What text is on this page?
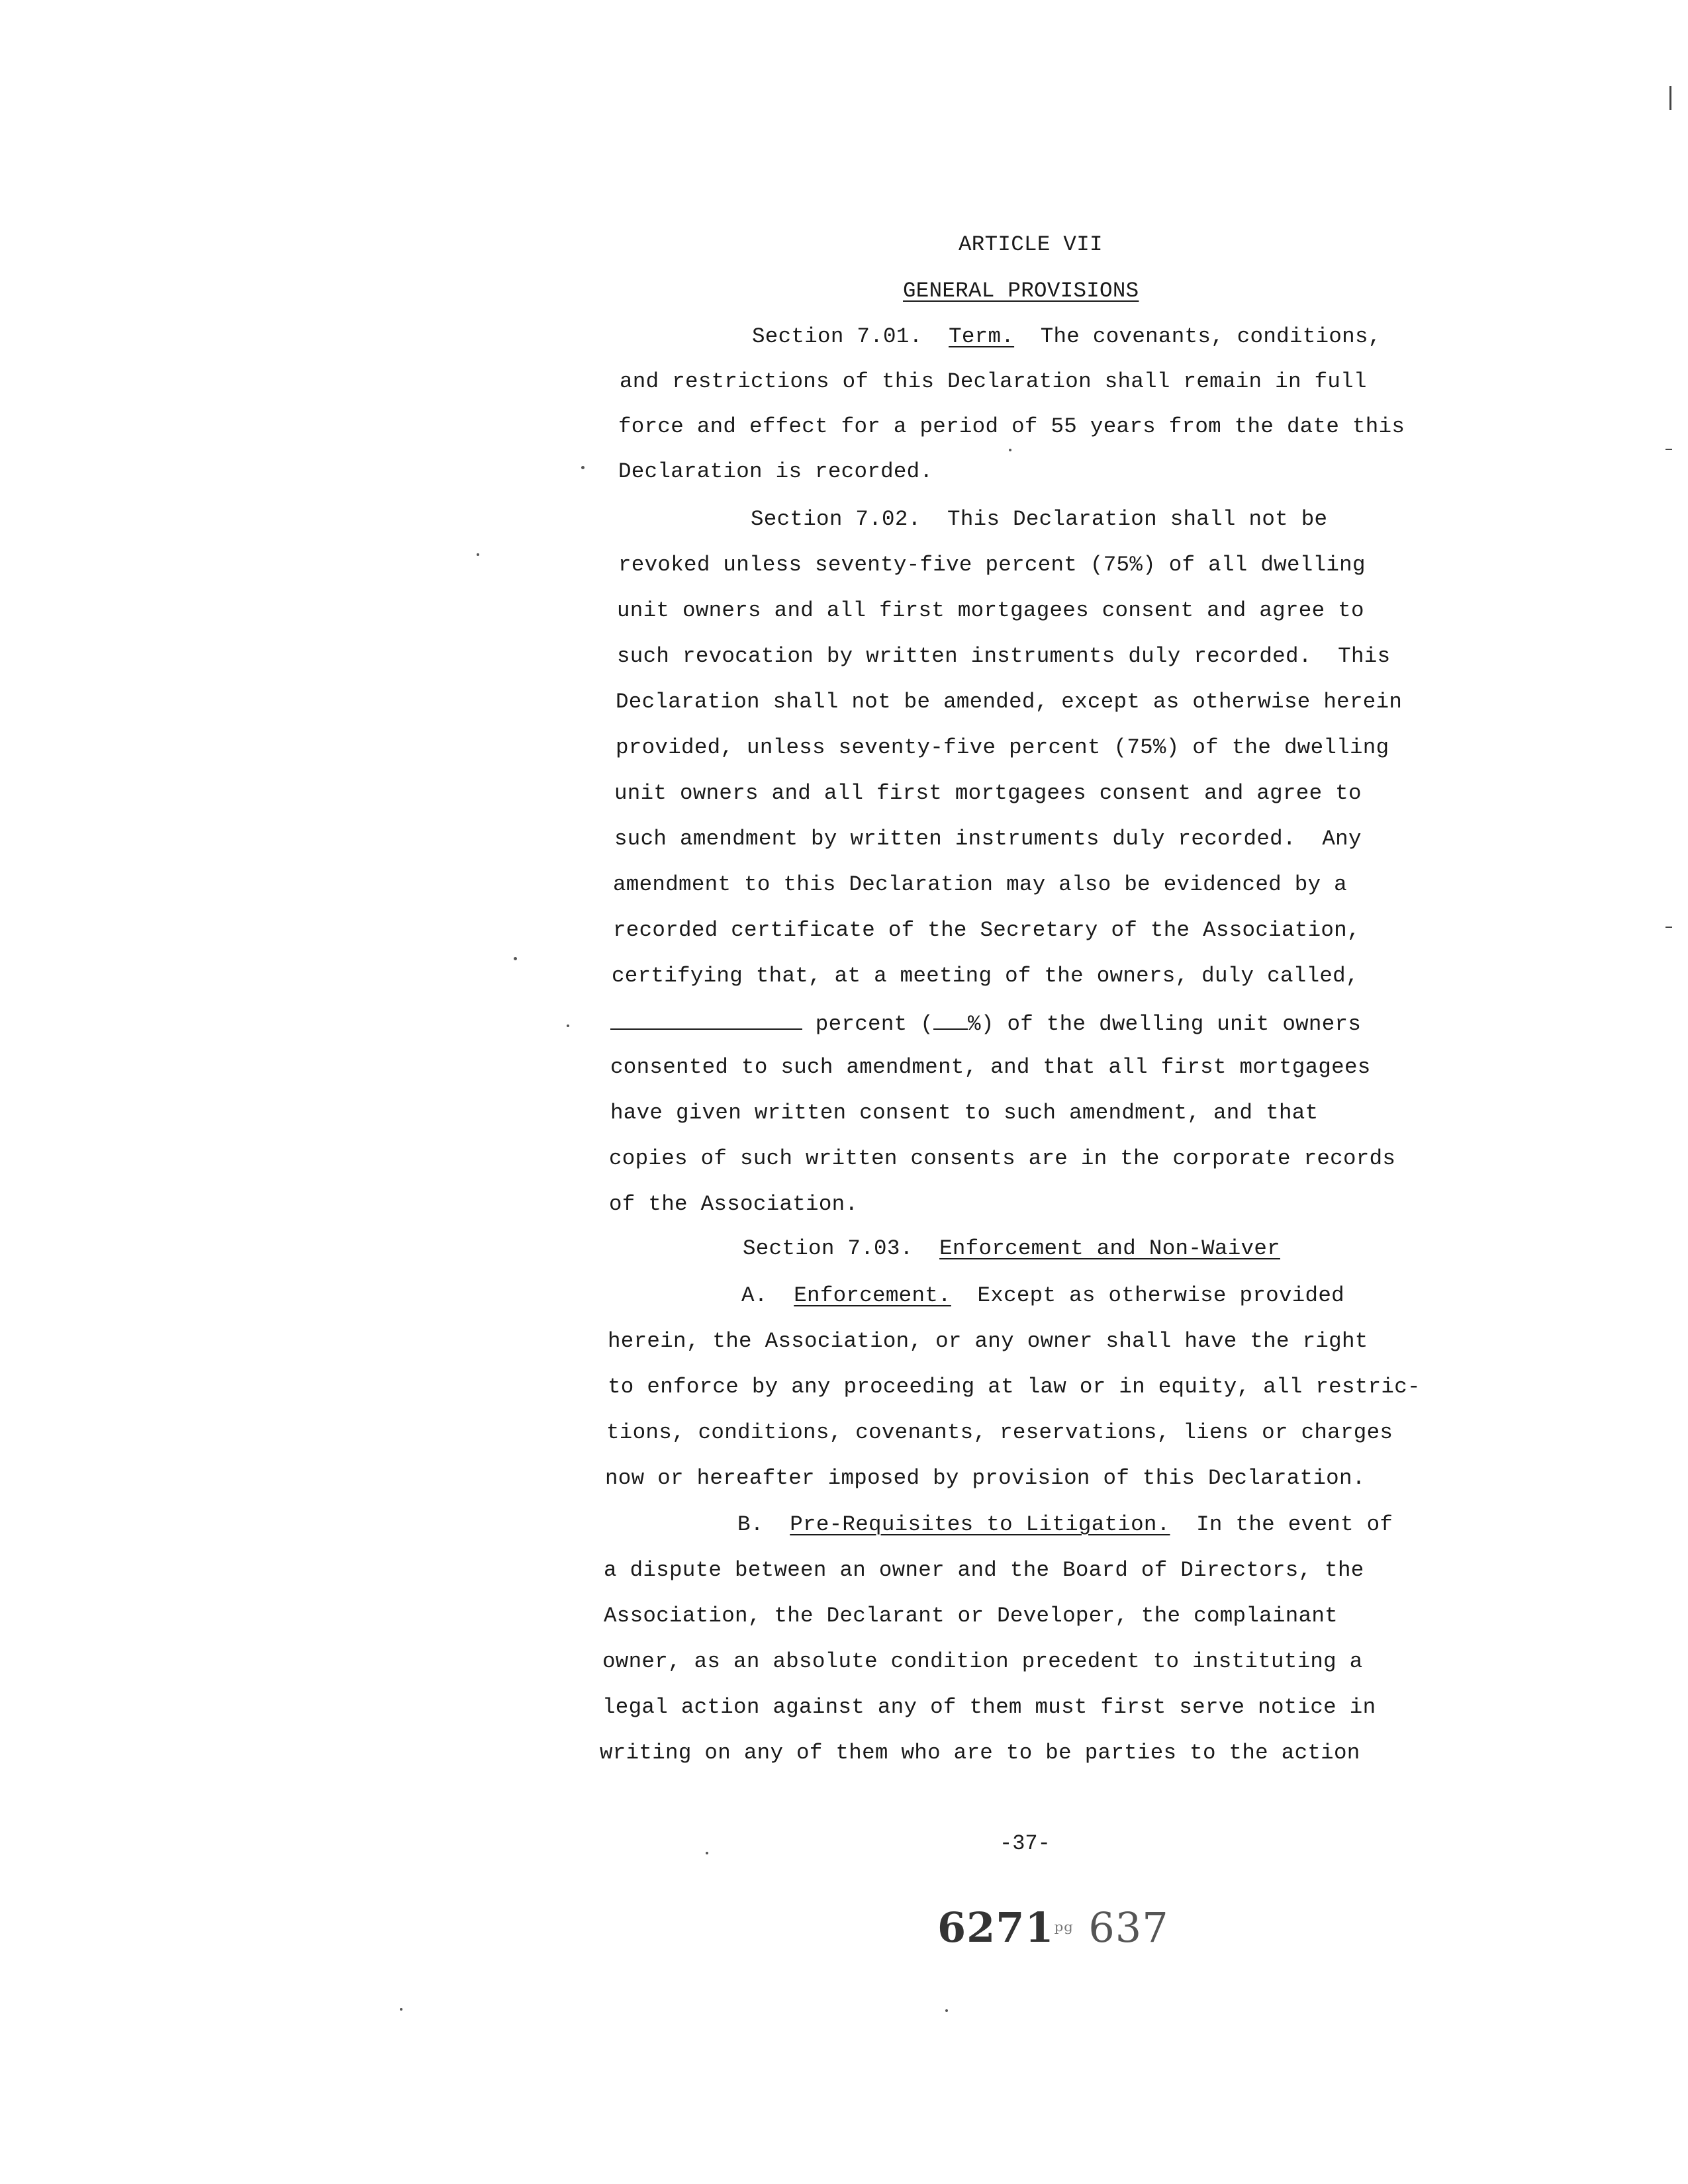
ARTICLE VII
GENERAL PROVISIONS
Section 7.01. Term.  The covenants, conditions,
and restrictions of this Declaration shall remain in full
force and effect for a period of 55 years from the date this
Declaration is recorded.
Section 7.02.  This Declaration shall not be
revoked unless seventy-five percent (75%) of all dwelling
unit owners and all first mortgagees consent and agree to
such revocation by written instruments duly recorded.  This
Declaration shall not be amended, except as otherwise herein
provided, unless seventy-five percent (75%) of the dwelling
unit owners and all first mortgagees consent and agree to
such amendment by written instruments duly recorded.  Any
amendment to this Declaration may also be evidenced by a
recorded certificate of the Secretary of the Association,
certifying that, at a meeting of the owners, duly called,
percent ( %) of the dwelling unit owners
consented to such amendment, and that all first mortgagees
have given written consent to such amendment, and that
copies of such written consents are in the corporate records
of the Association.
Section 7.03. Enforcement and Non-Waiver
A. Enforcement.  Except as otherwise provided
herein, the Association, or any owner shall have the right
to enforce by any proceeding at law or in equity, all restric-
tions, conditions, covenants, reservations, liens or charges
now or hereafter imposed by provision of this Declaration.
B. Pre-Requisites to Litigation.  In the event of
a dispute between an owner and the Board of Directors, the
Association, the Declarant or Developer, the complainant
owner, as an absolute condition precedent to instituting a
legal action against any of them must first serve notice in
writing on any of them who are to be parties to the action
-37-
6271ᵖᵍ 637
